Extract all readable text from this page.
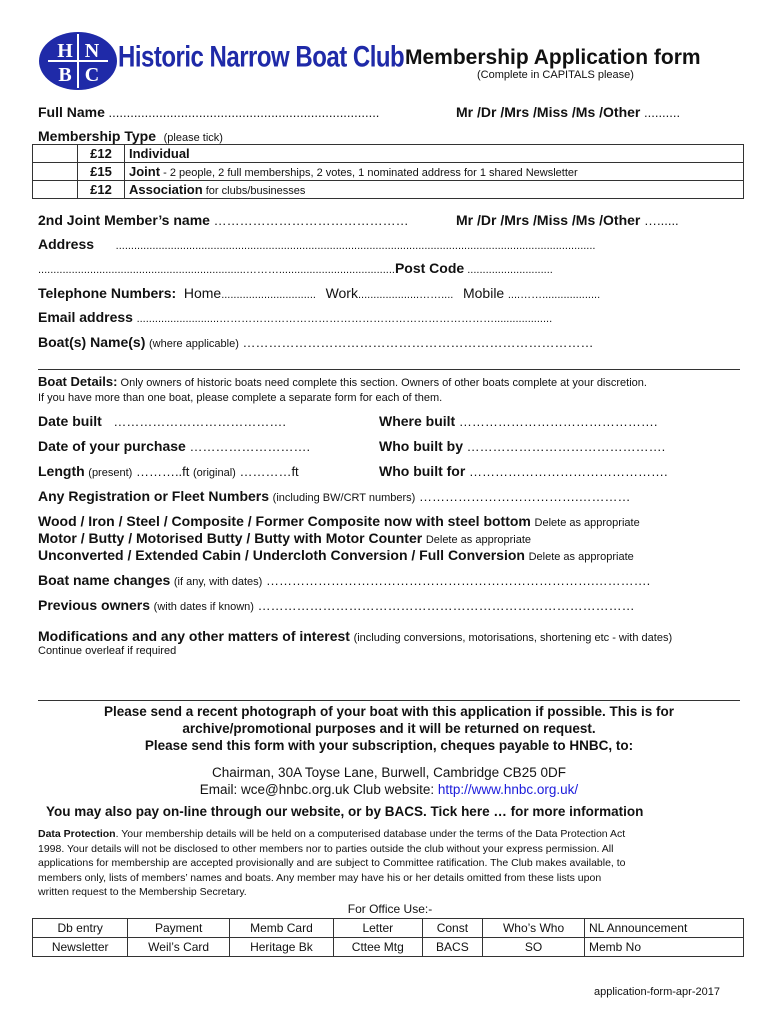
H N
B C
Historic Narrow Boat Club Membership Application form
(Complete in CAPITALS please)
Full Name ...........................................................................	Mr /Dr /Mrs /Miss /Ms /Other ..........
Membership Type (please tick)
	£12	Individual
	£15	Joint - 2 people, 2 full memberships, 2 votes, 1 nominated address for 1 shared Newsletter
	£12	Association for clubs/businesses
2nd Joint Member’s name ………………………………………	Mr /Dr /Mrs /Miss /Ms /Other …......
Address .............................................................................................................................................................
....................................................................………......................................Post Code ............................
Telephone Numbers: Home............................... Work....................…….... Mobile ....……...................
Email address ...........................…………………………………………………………………...................
Boat(s) Name(s) (where applicable) ………………………………………………………………………
Boat Details: Only owners of historic boats need complete this section. Owners of other boats complete at your discretion.
If you have more than one boat, please complete a separate form for each of them.
Date built ………………………………….	Where built ……………………………………….
Date of your purchase ……………………….	Who built by ……………………………………….
Length (present) ………..ft (original) …………ft	Who built for ……………………………………….
Any Registration or Fleet Numbers (including BW/CRT numbers) ……………………………….…………
Wood / Iron / Steel / Composite / Former Composite now with steel bottom Delete as appropriate
Motor / Butty / Motorised Butty / Butty with Motor Counter Delete as appropriate
Unconverted / Extended Cabin / Undercloth Conversion / Full Conversion Delete as appropriate
Boat name changes (if any, with dates) ………………………………………………………………….………….
Previous owners (with dates if known) ……………………………………………………………………………
Modifications and any other matters of interest (including conversions, motorisations, shortening etc - with dates)
Continue overleaf if required
Please send a recent photograph of your boat with this application if possible. This is for
archive/promotional purposes and it will be returned on request.
Please send this form with your subscription, cheques payable to HNBC, to:
Chairman, 30A Toyse Lane, Burwell, Cambridge CB25 0DF
Email: wce@hnbc.org.uk Club website: http://www.hnbc.org.uk/
You may also pay on-line through our website, or by BACS. Tick here … for more information
Data Protection. Your membership details will be held on a computerised database under the terms of the Data Protection Act
1998. Your details will not be disclosed to other members nor to parties outside the club without your express permission. All
applications for membership are accepted provisionally and are subject to Committee ratification. The Club makes available, to
members only, lists of members’ names and boats. Any member may have his or her details omitted from these lists upon
written request to the Membership Secretary.
For Office Use:-
Db entry	Payment	Memb Card	Letter	Const	Who’s Who	NL Announcement
Newsletter	Weil’s Card	Heritage Bk	Cttee Mtg	BACS	SO	Memb No
application-form-apr-2017
